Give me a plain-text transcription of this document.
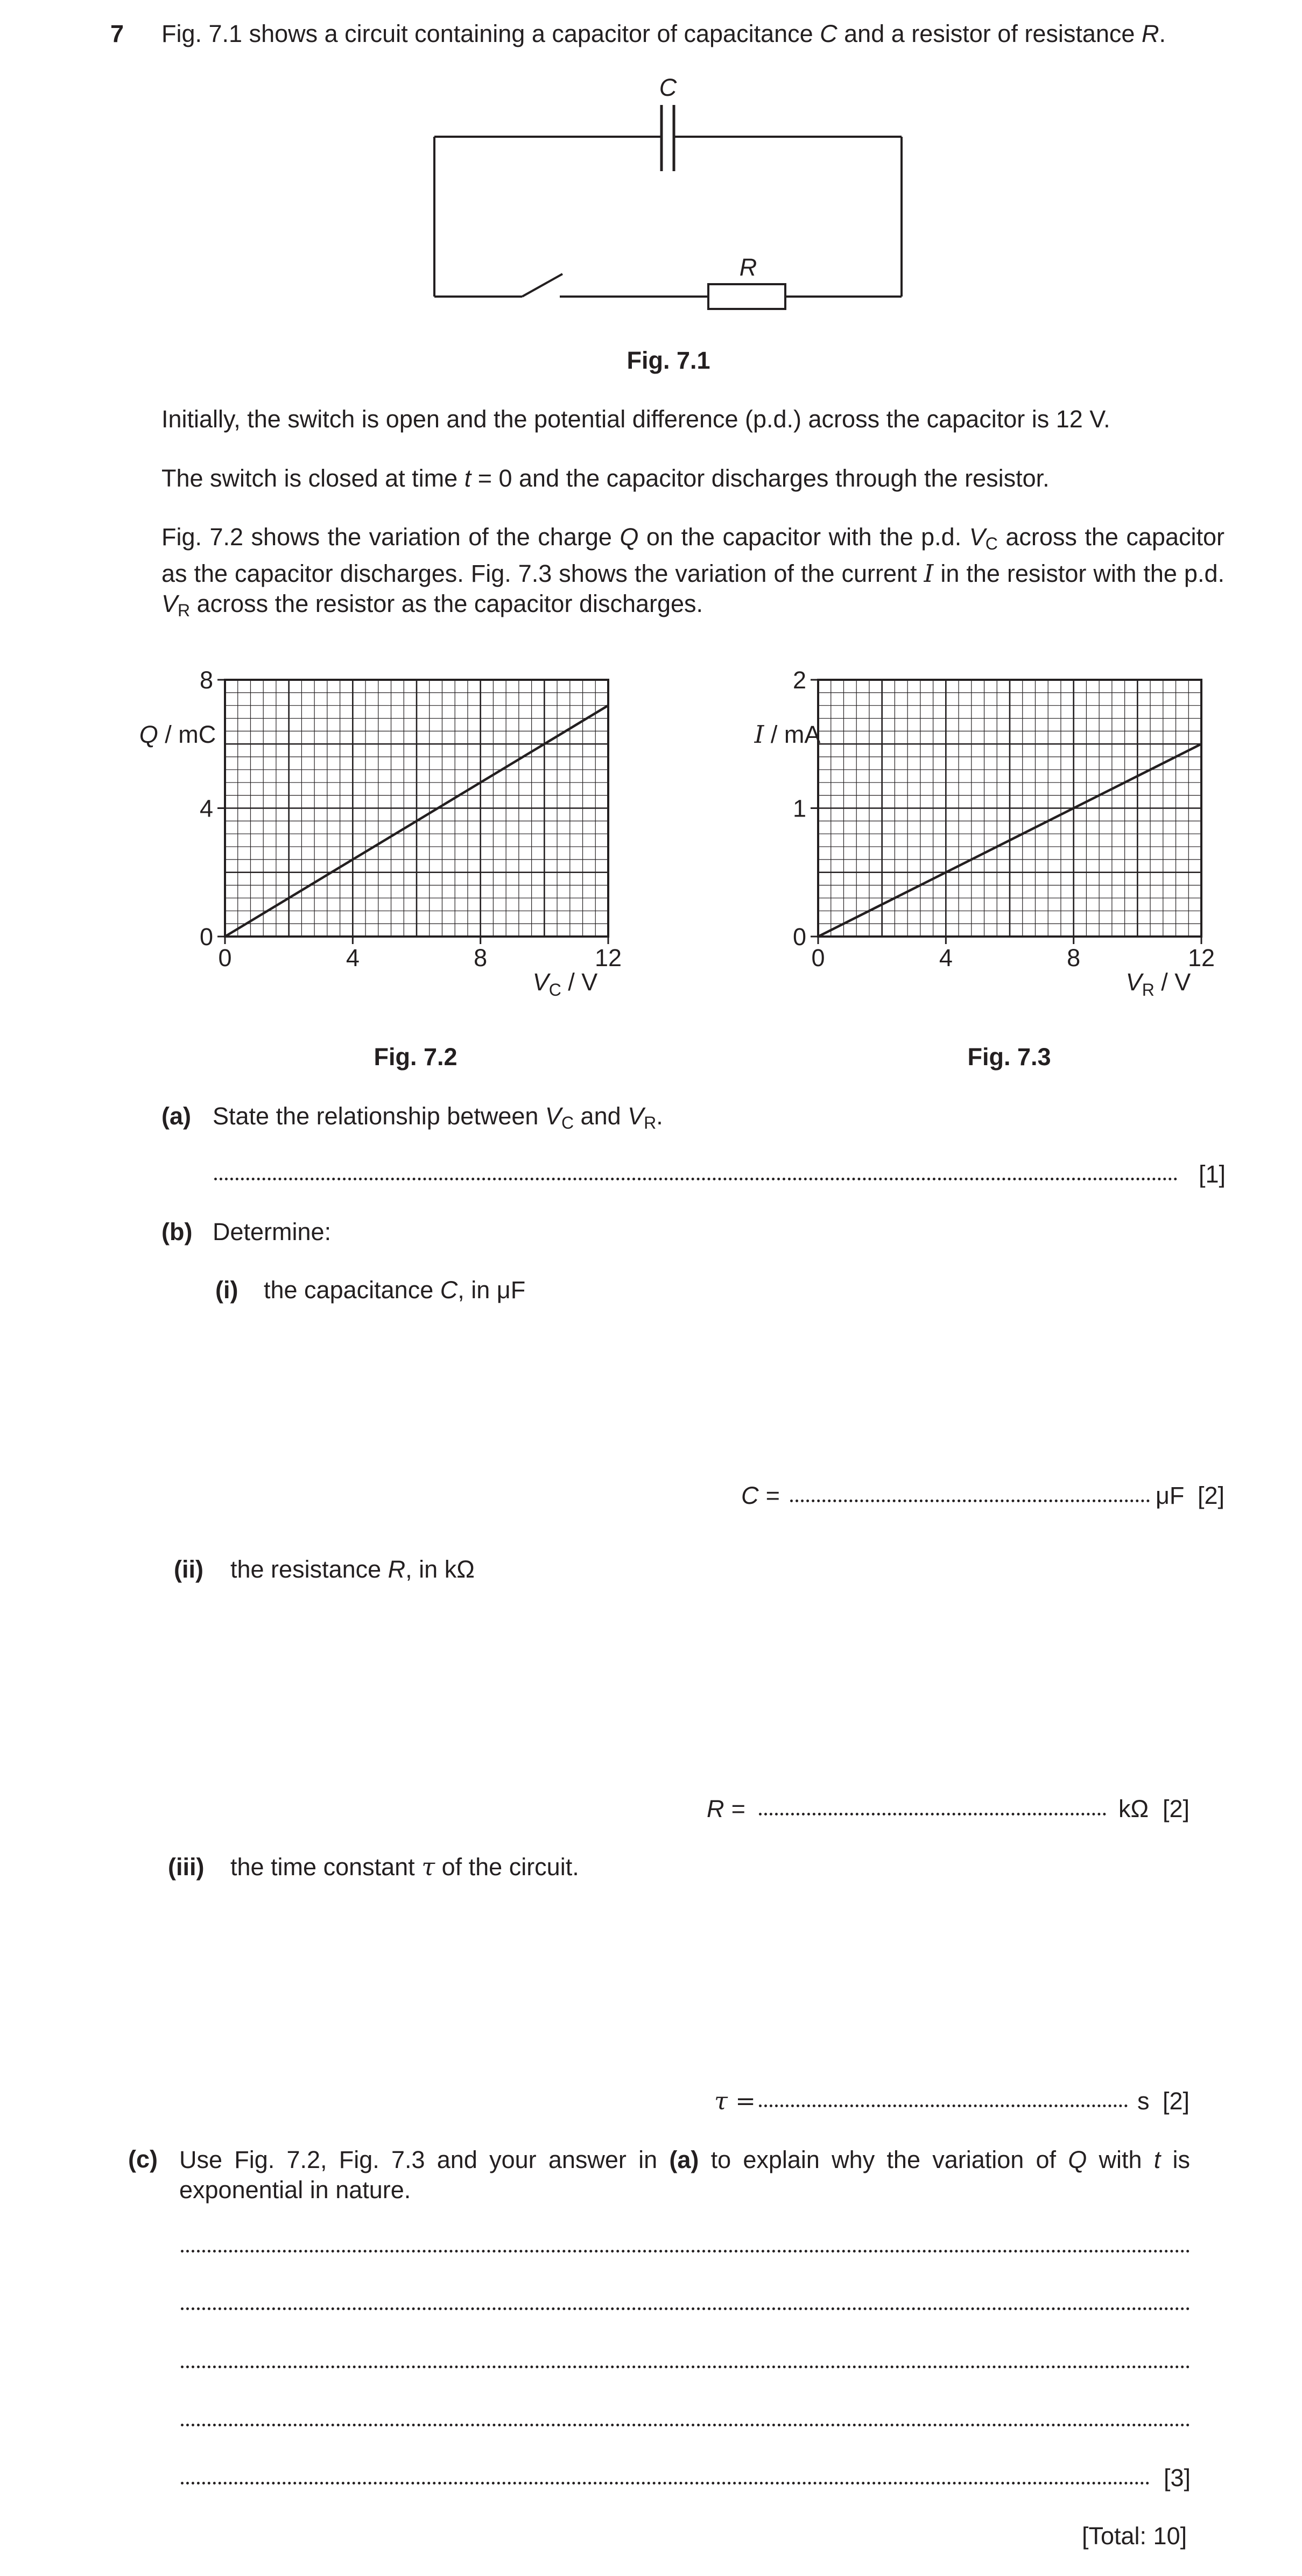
7 Fig. 7.1 shows a circuit containing a capacitor of capacitance C and a resistor of resistance R.
C
R
Fig. 7.1
Initially, the switch is open and the potential difference (p.d.) across the capacitor is 12 V.
The switch is closed at time t = 0 and the capacitor discharges through the resistor.
Fig. 7.2 shows the variation of the charge Q on the capacitor with the p.d. $V_C$ across the capacitor as the capacitor discharges. Fig. 7.3 shows the variation of the current I in the resistor with the p.d. $V_R$ across the resistor as the capacitor discharges.
0	4	8	12
0
4
8
Q / mC
$V_C$ / V
0	4	8	12
0
1
2
I / mA
$V_R$ / V
Fig. 7.2	Fig. 7.3
(a) State the relationship between $V_C$ and $V_R$.
[1]
(b) Determine:
(i) the capacitance C, in μF
C =	μF [2]
(ii) the resistance R, in kΩ
R =	kΩ [2]
(iii) the time constant τ of the circuit.
τ =	s [2]
(c) Use Fig. 7.2, Fig. 7.3 and your answer in (a) to explain why the variation of Q with t is exponential in nature.
[3]
[Total: 10]
